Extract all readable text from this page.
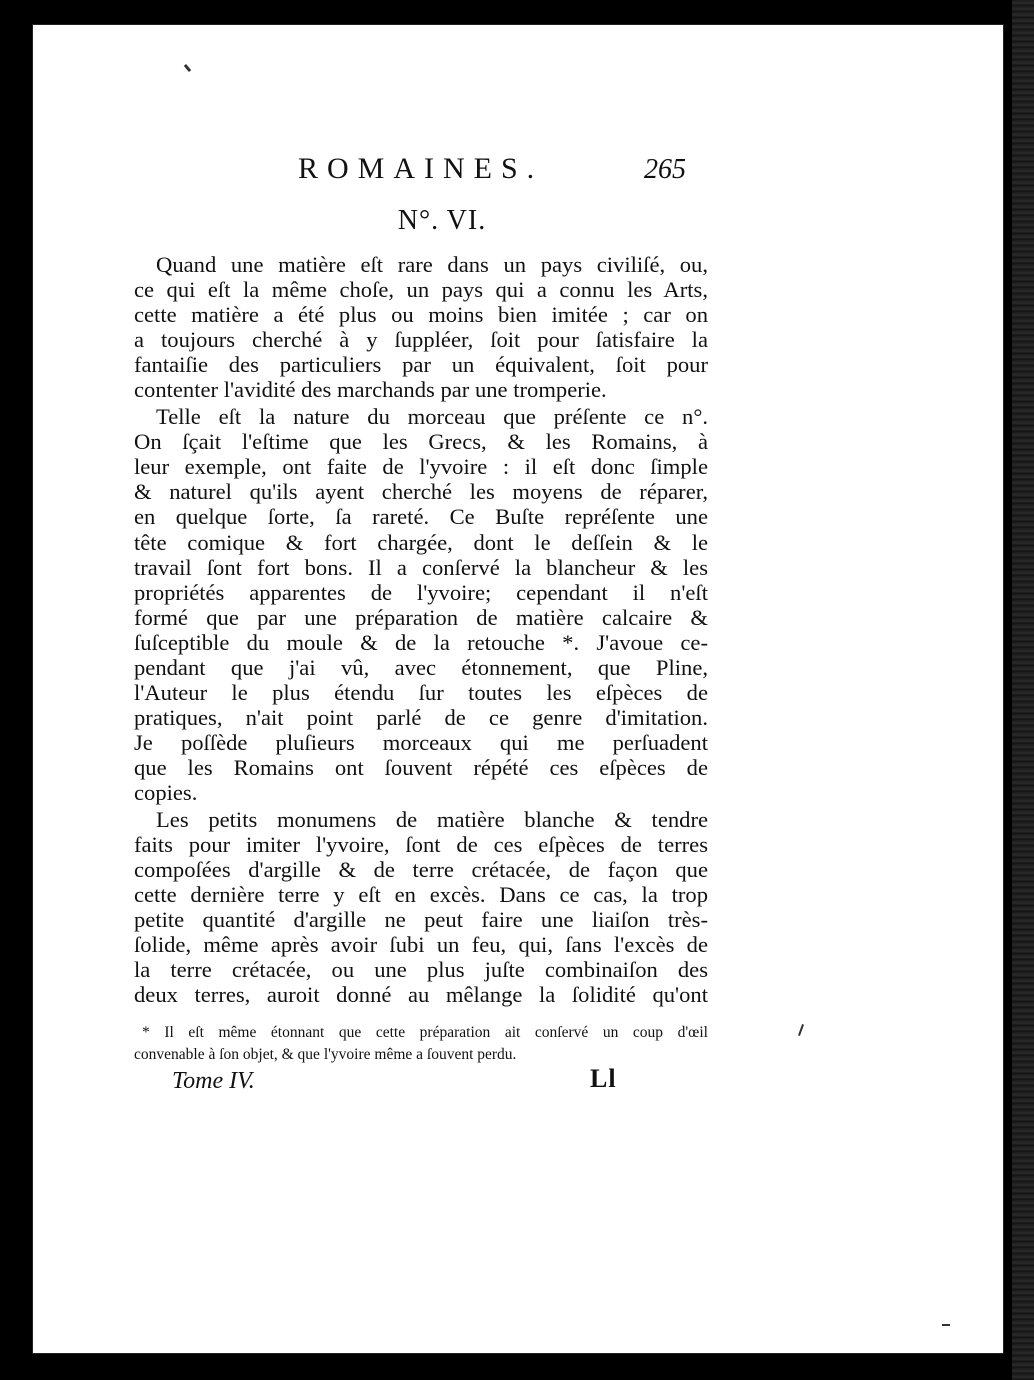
ROMAINES.	265
N°. VI.
Quand une matière eſt rare dans un pays civiliſé, ou,
ce qui eſt la même choſe, un pays qui a connu les Arts,
cette matière a été plus ou moins bien imitée ; car on
a toujours cherché à y ſuppléer, ſoit pour ſatisfaire la
fantaiſie des particuliers par un équivalent, ſoit pour
contenter l'avidité des marchands par une tromperie.
Telle eſt la nature du morceau que préſente ce n°.
On ſçait l'eſtime que les Grecs, & les Romains, à
leur exemple, ont faite de l'yvoire : il eſt donc ſimple
& naturel qu'ils ayent cherché les moyens de réparer,
en quelque ſorte, ſa rareté. Ce Buſte repréſente une
tête comique & fort chargée, dont le deſſein & le
travail ſont fort bons. Il a conſervé la blancheur & les
propriétés apparentes de l'yvoire; cependant il n'eſt
formé que par une préparation de matière calcaire &
ſuſceptible du moule & de la retouche *. J'avoue ce-
pendant que j'ai vû, avec étonnement, que Pline,
l'Auteur le plus étendu ſur toutes les eſpèces de
pratiques, n'ait point parlé de ce genre d'imitation.
Je poſſède pluſieurs morceaux qui me perſuadent
que les Romains ont ſouvent répété ces eſpèces de
copies.
Les petits monumens de matière blanche & tendre
faits pour imiter l'yvoire, ſont de ces eſpèces de terres
compoſées d'argille & de terre crétacée, de façon que
cette dernière terre y eſt en excès. Dans ce cas, la trop
petite quantité d'argille ne peut faire une liaiſon très-
ſolide, même après avoir ſubi un feu, qui, ſans l'excès de
la terre crétacée, ou une plus juſte combinaiſon des
deux terres, auroit donné au mêlange la ſolidité qu'ont
* Il eſt même étonnant que cette préparation ait conſervé un coup d'œil
convenable à ſon objet, & que l'yvoire même a ſouvent perdu.
Tome IV.	Ll
